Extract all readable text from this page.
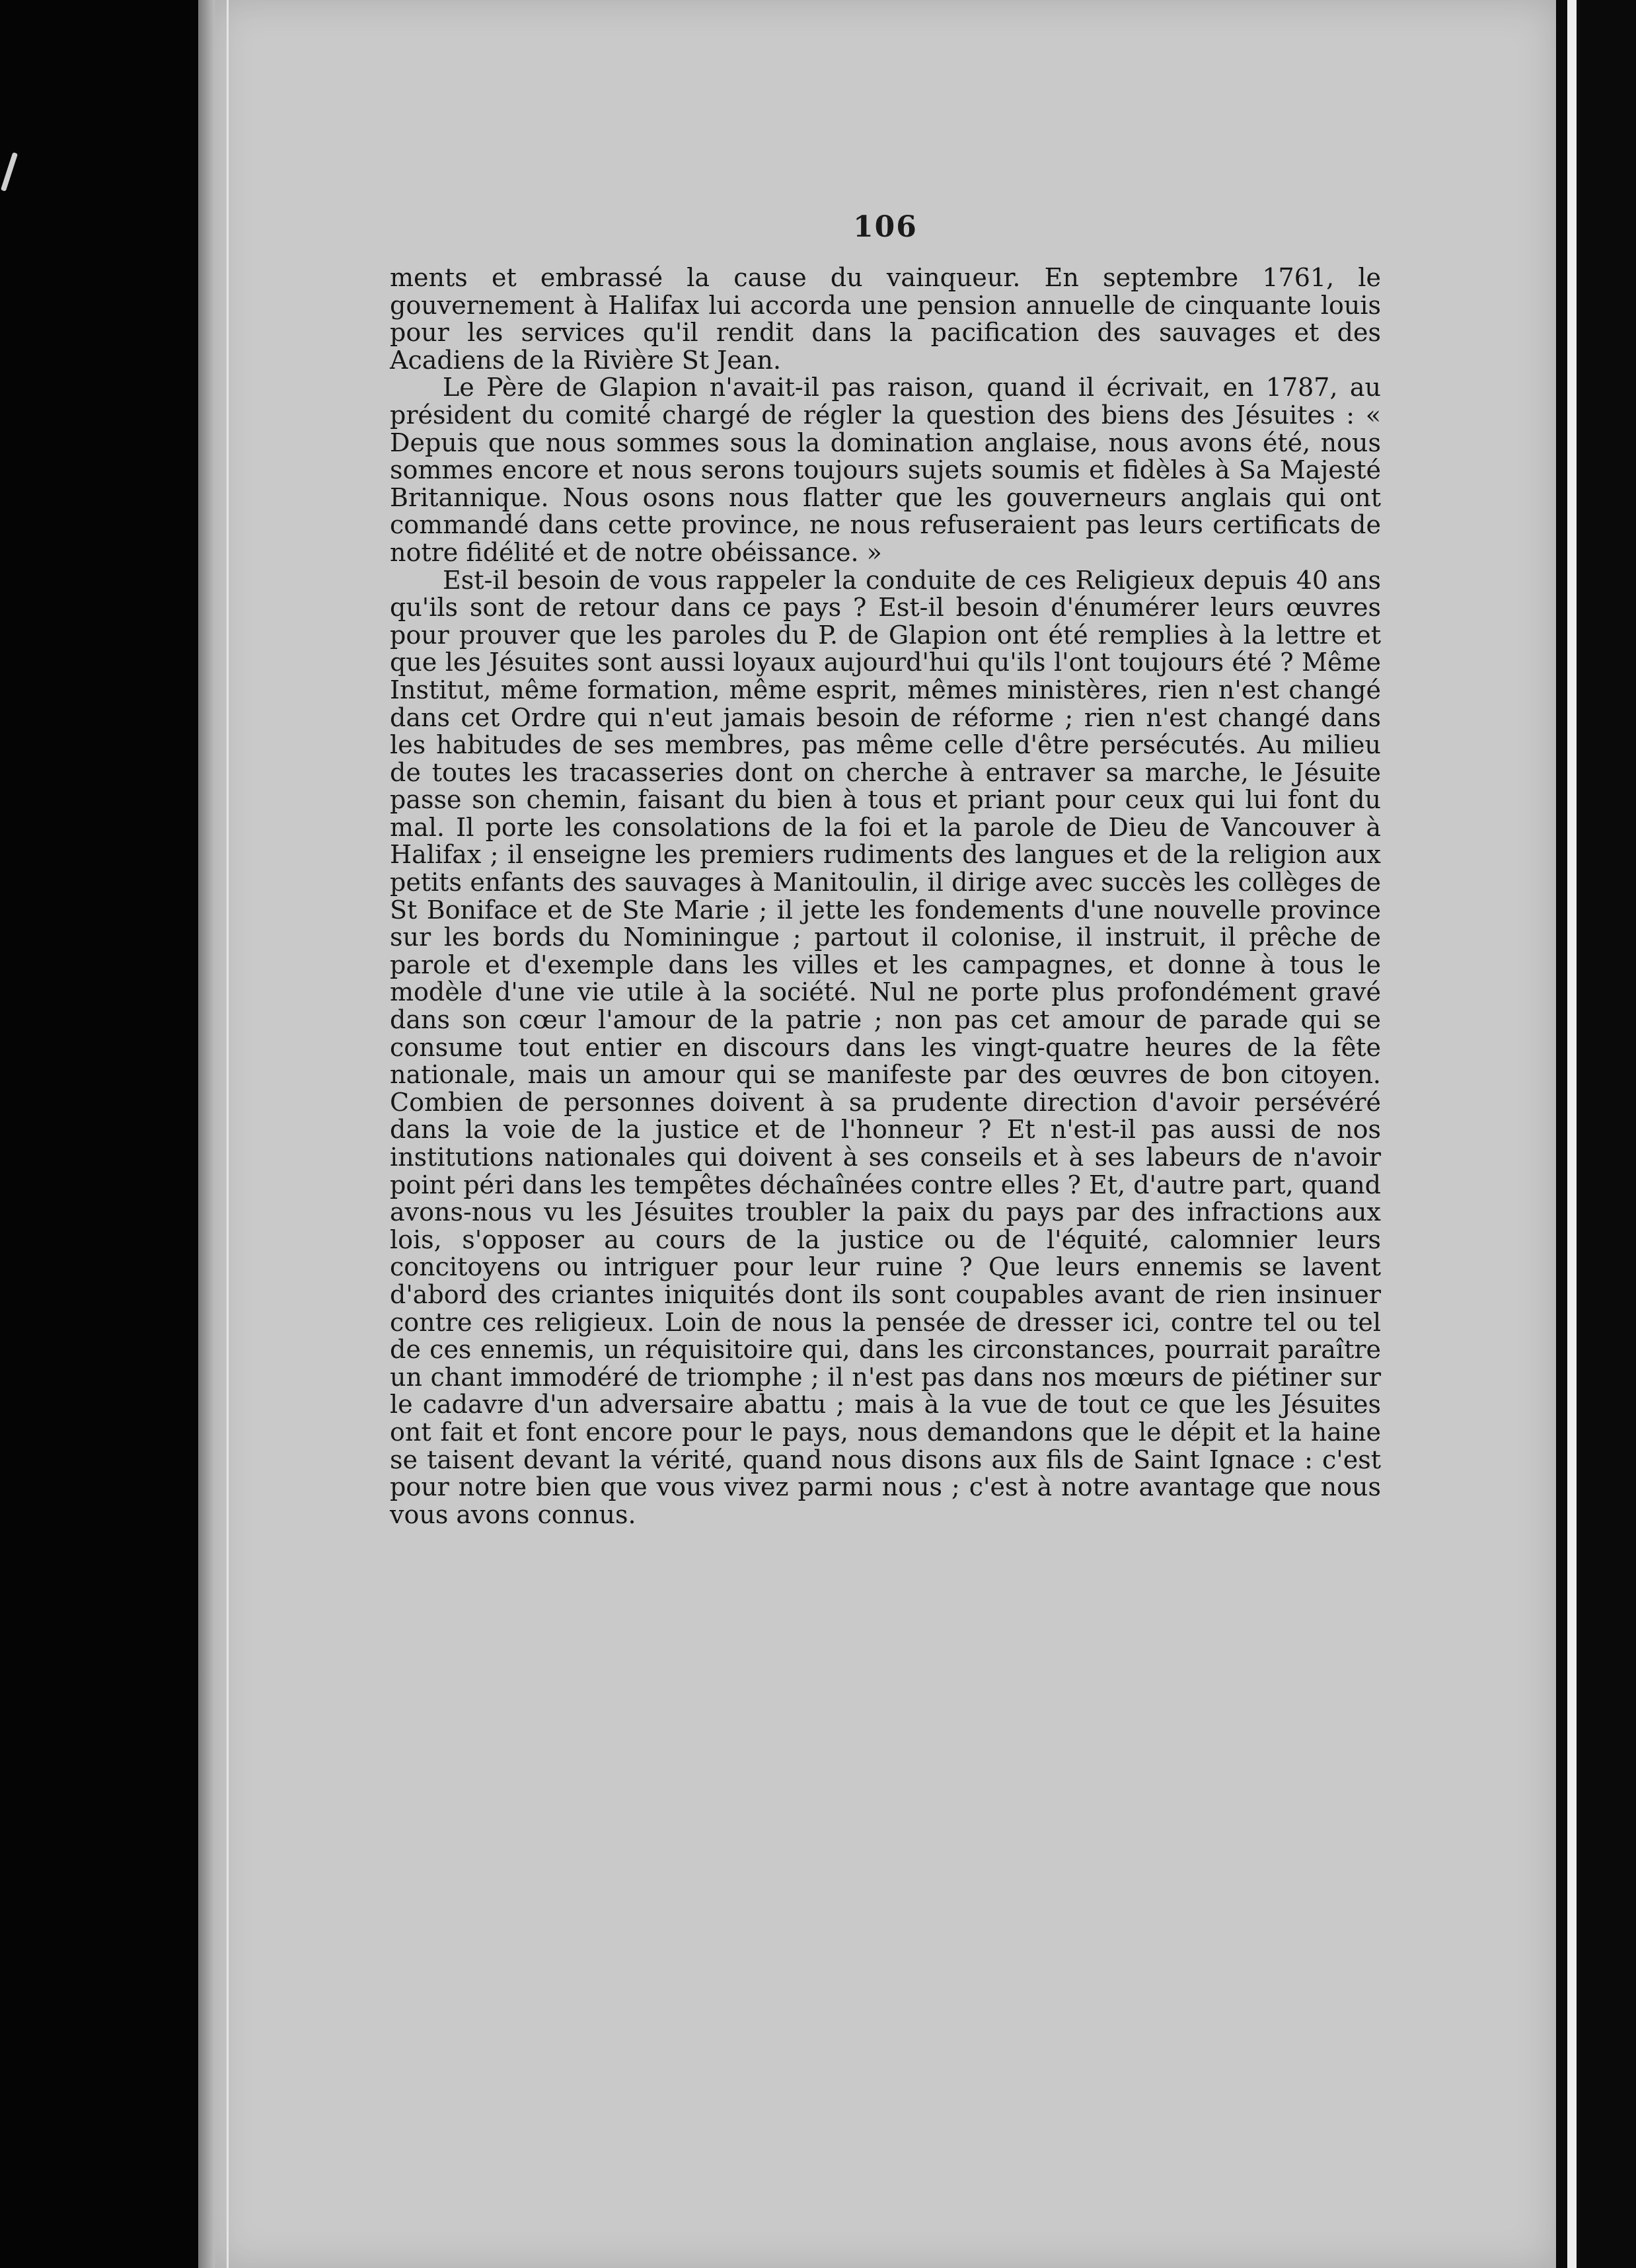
106

ments et embrassé la cause du vainqueur. En septembre 1761, le gouvernement à Halifax lui accorda une pension annuelle de cinquante louis pour les services qu'il rendit dans la pacification des sauvages et des Acadiens de la Rivière St Jean.

Le Père de Glapion n'avait-il pas raison, quand il écrivait, en 1787, au président du comité chargé de régler la question des biens des Jésuites : « Depuis que nous sommes sous la domination anglaise, nous avons été, nous sommes encore et nous serons toujours sujets soumis et fidèles à Sa Majesté Britannique. Nous osons nous flatter que les gouverneurs anglais qui ont commandé dans cette province, ne nous refuseraient pas leurs certificats de notre fidélité et de notre obéissance. »

Est-il besoin de vous rappeler la conduite de ces Religieux depuis 40 ans qu'ils sont de retour dans ce pays ? Est-il besoin d'énumérer leurs œuvres pour prouver que les paroles du P. de Glapion ont été remplies à la lettre et que les Jésuites sont aussi loyaux aujourd'hui qu'ils l'ont toujours été ? Même Institut, même formation, même esprit, mêmes ministères, rien n'est changé dans cet Ordre qui n'eut jamais besoin de réforme ; rien n'est changé dans les habitudes de ses membres, pas même celle d'être persécutés. Au milieu de toutes les tracasseries dont on cherche à entraver sa marche, le Jésuite passe son chemin, faisant du bien à tous et priant pour ceux qui lui font du mal. Il porte les consolations de la foi et la parole de Dieu de Vancouver à Halifax ; il enseigne les premiers rudiments des langues et de la religion aux petits enfants des sauvages à Manitoulin, il dirige avec succès les collèges de St Boniface et de Ste Marie ; il jette les fondements d'une nouvelle province sur les bords du Nominingue ; partout il colonise, il instruit, il prêche de parole et d'exemple dans les villes et les campagnes, et donne à tous le modèle d'une vie utile à la société. Nul ne porte plus profondément gravé dans son cœur l'amour de la patrie ; non pas cet amour de parade qui se consume tout entier en discours dans les vingt-quatre heures de la fête nationale, mais un amour qui se manifeste par des œuvres de bon citoyen. Combien de personnes doivent à sa prudente direction d'avoir persévéré dans la voie de la justice et de l'honneur ? Et n'est-il pas aussi de nos institutions nationales qui doivent à ses conseils et à ses labeurs de n'avoir point péri dans les tempêtes déchaînées contre elles ? Et, d'autre part, quand avons-nous vu les Jésuites troubler la paix du pays par des infractions aux lois, s'opposer au cours de la justice ou de l'équité, calomnier leurs concitoyens ou intriguer pour leur ruine ? Que leurs ennemis se lavent d'abord des criantes iniquités dont ils sont coupables avant de rien insinuer contre ces religieux. Loin de nous la pensée de dresser ici, contre tel ou tel de ces ennemis, un réquisitoire qui, dans les circonstances, pourrait paraître un chant immodéré de triomphe ; il n'est pas dans nos mœurs de piétiner sur le cadavre d'un adversaire abattu ; mais à la vue de tout ce que les Jésuites ont fait et font encore pour le pays, nous demandons que le dépit et la haine se taisent devant la vérité, quand nous disons aux fils de Saint Ignace : c'est pour notre bien que vous vivez parmi nous ; c'est à notre avantage que nous vous avons connus.
